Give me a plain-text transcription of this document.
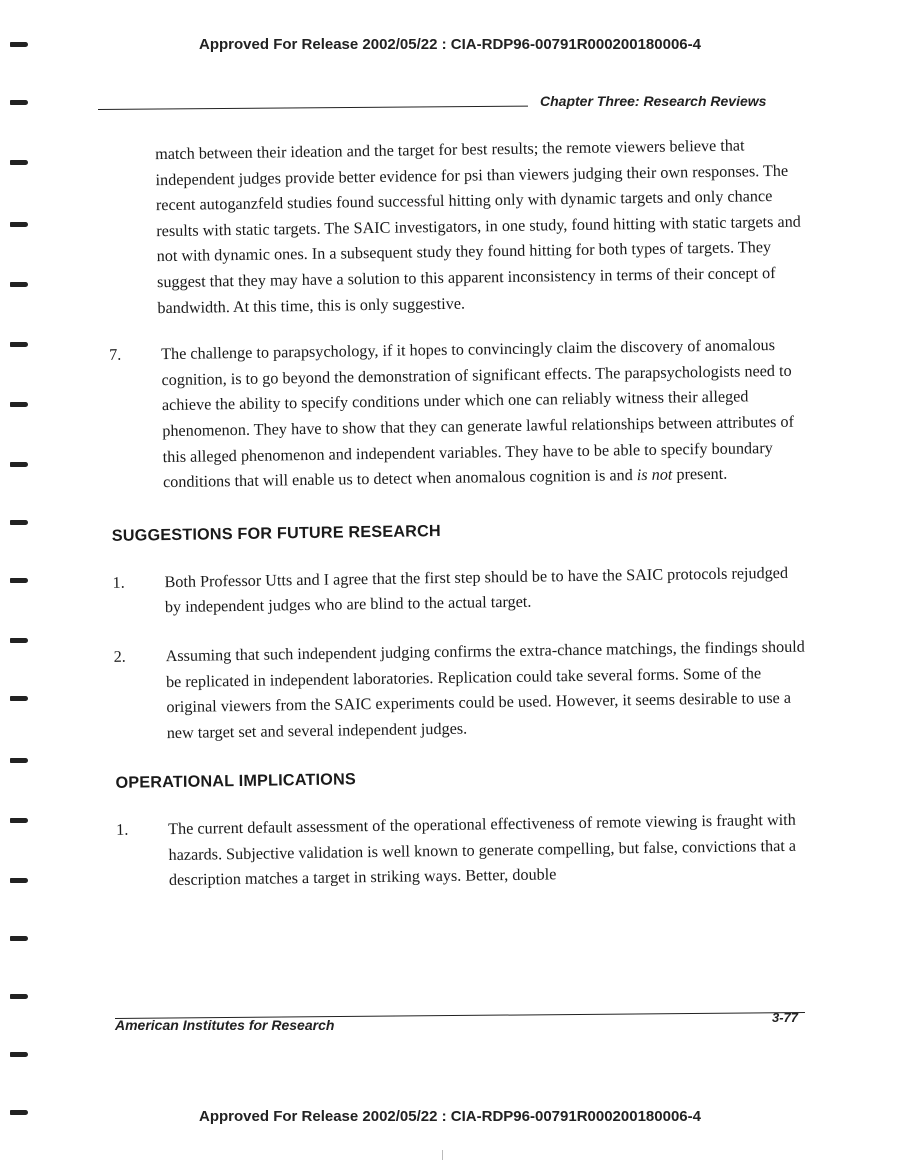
Approved For Release 2002/05/22 : CIA-RDP96-00791R000200180006-4
Chapter Three: Research Reviews
match between their ideation and the target for best results; the remote viewers believe that independent judges provide better evidence for psi than viewers judging their own responses. The recent autoganzfeld studies found successful hitting only with dynamic targets and only chance results with static targets. The SAIC investigators, in one study, found hitting with static targets and not with dynamic ones. In a subsequent study they found hitting for both types of targets. They suggest that they may have a solution to this apparent inconsistency in terms of their concept of bandwidth. At this time, this is only suggestive.
7. The challenge to parapsychology, if it hopes to convincingly claim the discovery of anomalous cognition, is to go beyond the demonstration of significant effects. The parapsychologists need to achieve the ability to specify conditions under which one can reliably witness their alleged phenomenon. They have to show that they can generate lawful relationships between attributes of this alleged phenomenon and independent variables. They have to be able to specify boundary conditions that will enable us to detect when anomalous cognition is and is not present.
SUGGESTIONS FOR FUTURE RESEARCH
1. Both Professor Utts and I agree that the first step should be to have the SAIC protocols rejudged by independent judges who are blind to the actual target.
2. Assuming that such independent judging confirms the extra-chance matchings, the findings should be replicated in independent laboratories. Replication could take several forms. Some of the original viewers from the SAIC experiments could be used. However, it seems desirable to use a new target set and several independent judges.
OPERATIONAL IMPLICATIONS
1. The current default assessment of the operational effectiveness of remote viewing is fraught with hazards. Subjective validation is well known to generate compelling, but false, convictions that a description matches a target in striking ways. Better, double
American Institutes for Research	3-77
Approved For Release 2002/05/22 : CIA-RDP96-00791R000200180006-4
